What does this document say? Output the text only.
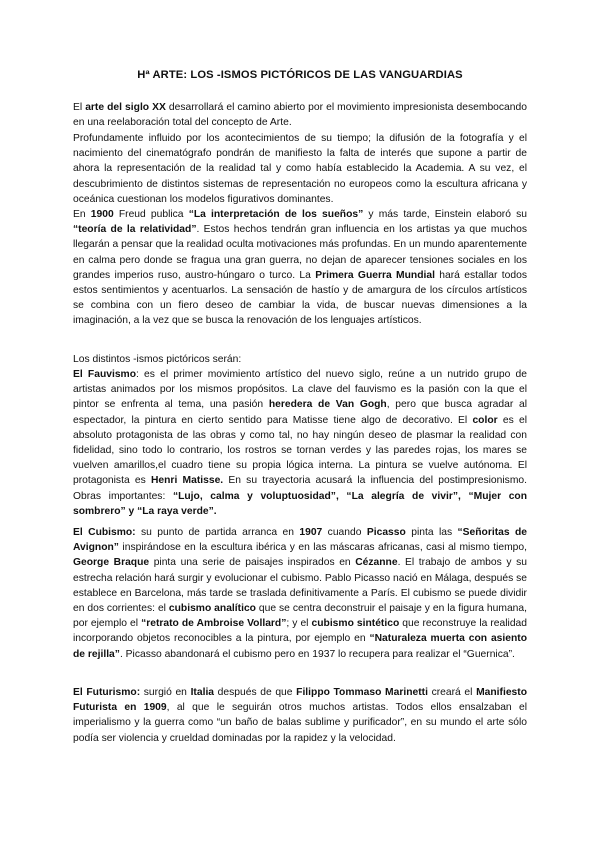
Hª ARTE: LOS -ISMOS PICTÓRICOS DE LAS VANGUARDIAS

El arte del siglo XX desarrollará el camino abierto por el movimiento impresionista desembocando en una reelaboración total del concepto de Arte.

Profundamente influido por los acontecimientos de su tiempo; la difusión de la fotografía y el nacimiento del cinematógrafo pondrán de manifiesto la falta de interés que supone a partir de ahora la representación de la realidad tal y como había establecido la Academia. A su vez, el descubrimiento de distintos sistemas de representación no europeos como la escultura africana y oceánica cuestionan los modelos figurativos dominantes.

En 1900 Freud publica “La interpretación de los sueños” y más tarde, Einstein elaboró su “teoría de la relatividad”. Estos hechos tendrán gran influencia en los artistas ya que muchos llegarán a pensar que la realidad oculta motivaciones más profundas. En un mundo aparentemente en calma pero donde se fragua una gran guerra, no dejan de aparecer tensiones sociales en los grandes imperios ruso, austro-húngaro o turco. La Primera Guerra Mundial hará estallar todos estos sentimientos y acentuarlos. La sensación de hastío y de amargura de los círculos artísticos se combina con un fiero deseo de cambiar la vida, de buscar nuevas dimensiones a la imaginación, a la vez que se busca la renovación de los lenguajes artísticos.

Los distintos -ismos pictóricos serán:

El Fauvismo: es el primer movimiento artístico del nuevo siglo, reúne a un nutrido grupo de artistas animados por los mismos propósitos. La clave del fauvismo es la pasión con la que el pintor se enfrenta al tema, una pasión heredera de Van Gogh, pero que busca agradar al espectador, la pintura en cierto sentido para Matisse tiene algo de decorativo. El color es el absoluto protagonista de las obras y como tal, no hay ningún deseo de plasmar la realidad con fidelidad, sino todo lo contrario, los rostros se tornan verdes y las paredes rojas, los mares se vuelven amarillos,el cuadro tiene su propia lógica interna. La pintura se vuelve autónoma. El protagonista es Henri Matisse. En su trayectoria acusará la influencia del postimpresionismo. Obras importantes: “Lujo, calma y voluptuosidad”, “La alegría de vivir”, “Mujer con sombrero” y “La raya verde”.

El Cubismo: su punto de partida arranca en 1907 cuando Picasso pinta las “Señoritas de Avignon” inspirándose en la escultura ibérica y en las máscaras africanas, casi al mismo tiempo, George Braque pinta una serie de paisajes inspirados en Cézanne. El trabajo de ambos y su estrecha relación hará surgir y evolucionar el cubismo. Pablo Picasso nació en Málaga, después se establece en Barcelona, más tarde se traslada definitivamente a París. El cubismo se puede dividir en dos corrientes: el cubismo analítico que se centra deconstruir el paisaje y en la figura humana, por ejemplo el “retrato de Ambroise Vollard”; y el cubismo sintético que reconstruye la realidad incorporando objetos reconocibles a la pintura, por ejemplo en “Naturaleza muerta con asiento de rejilla”. Picasso abandonará el cubismo pero en 1937 lo recupera para realizar el “Guernica”.

El Futurismo: surgió en Italia después de que Filippo Tommaso Marinetti creará el Manifiesto Futurista en 1909, al que le seguirán otros muchos artistas. Todos ellos ensalzaban el imperialismo y la guerra como “un baño de balas sublime y purificador”, en su mundo el arte sólo podía ser violencia y crueldad dominadas por la rapidez y la velocidad.
